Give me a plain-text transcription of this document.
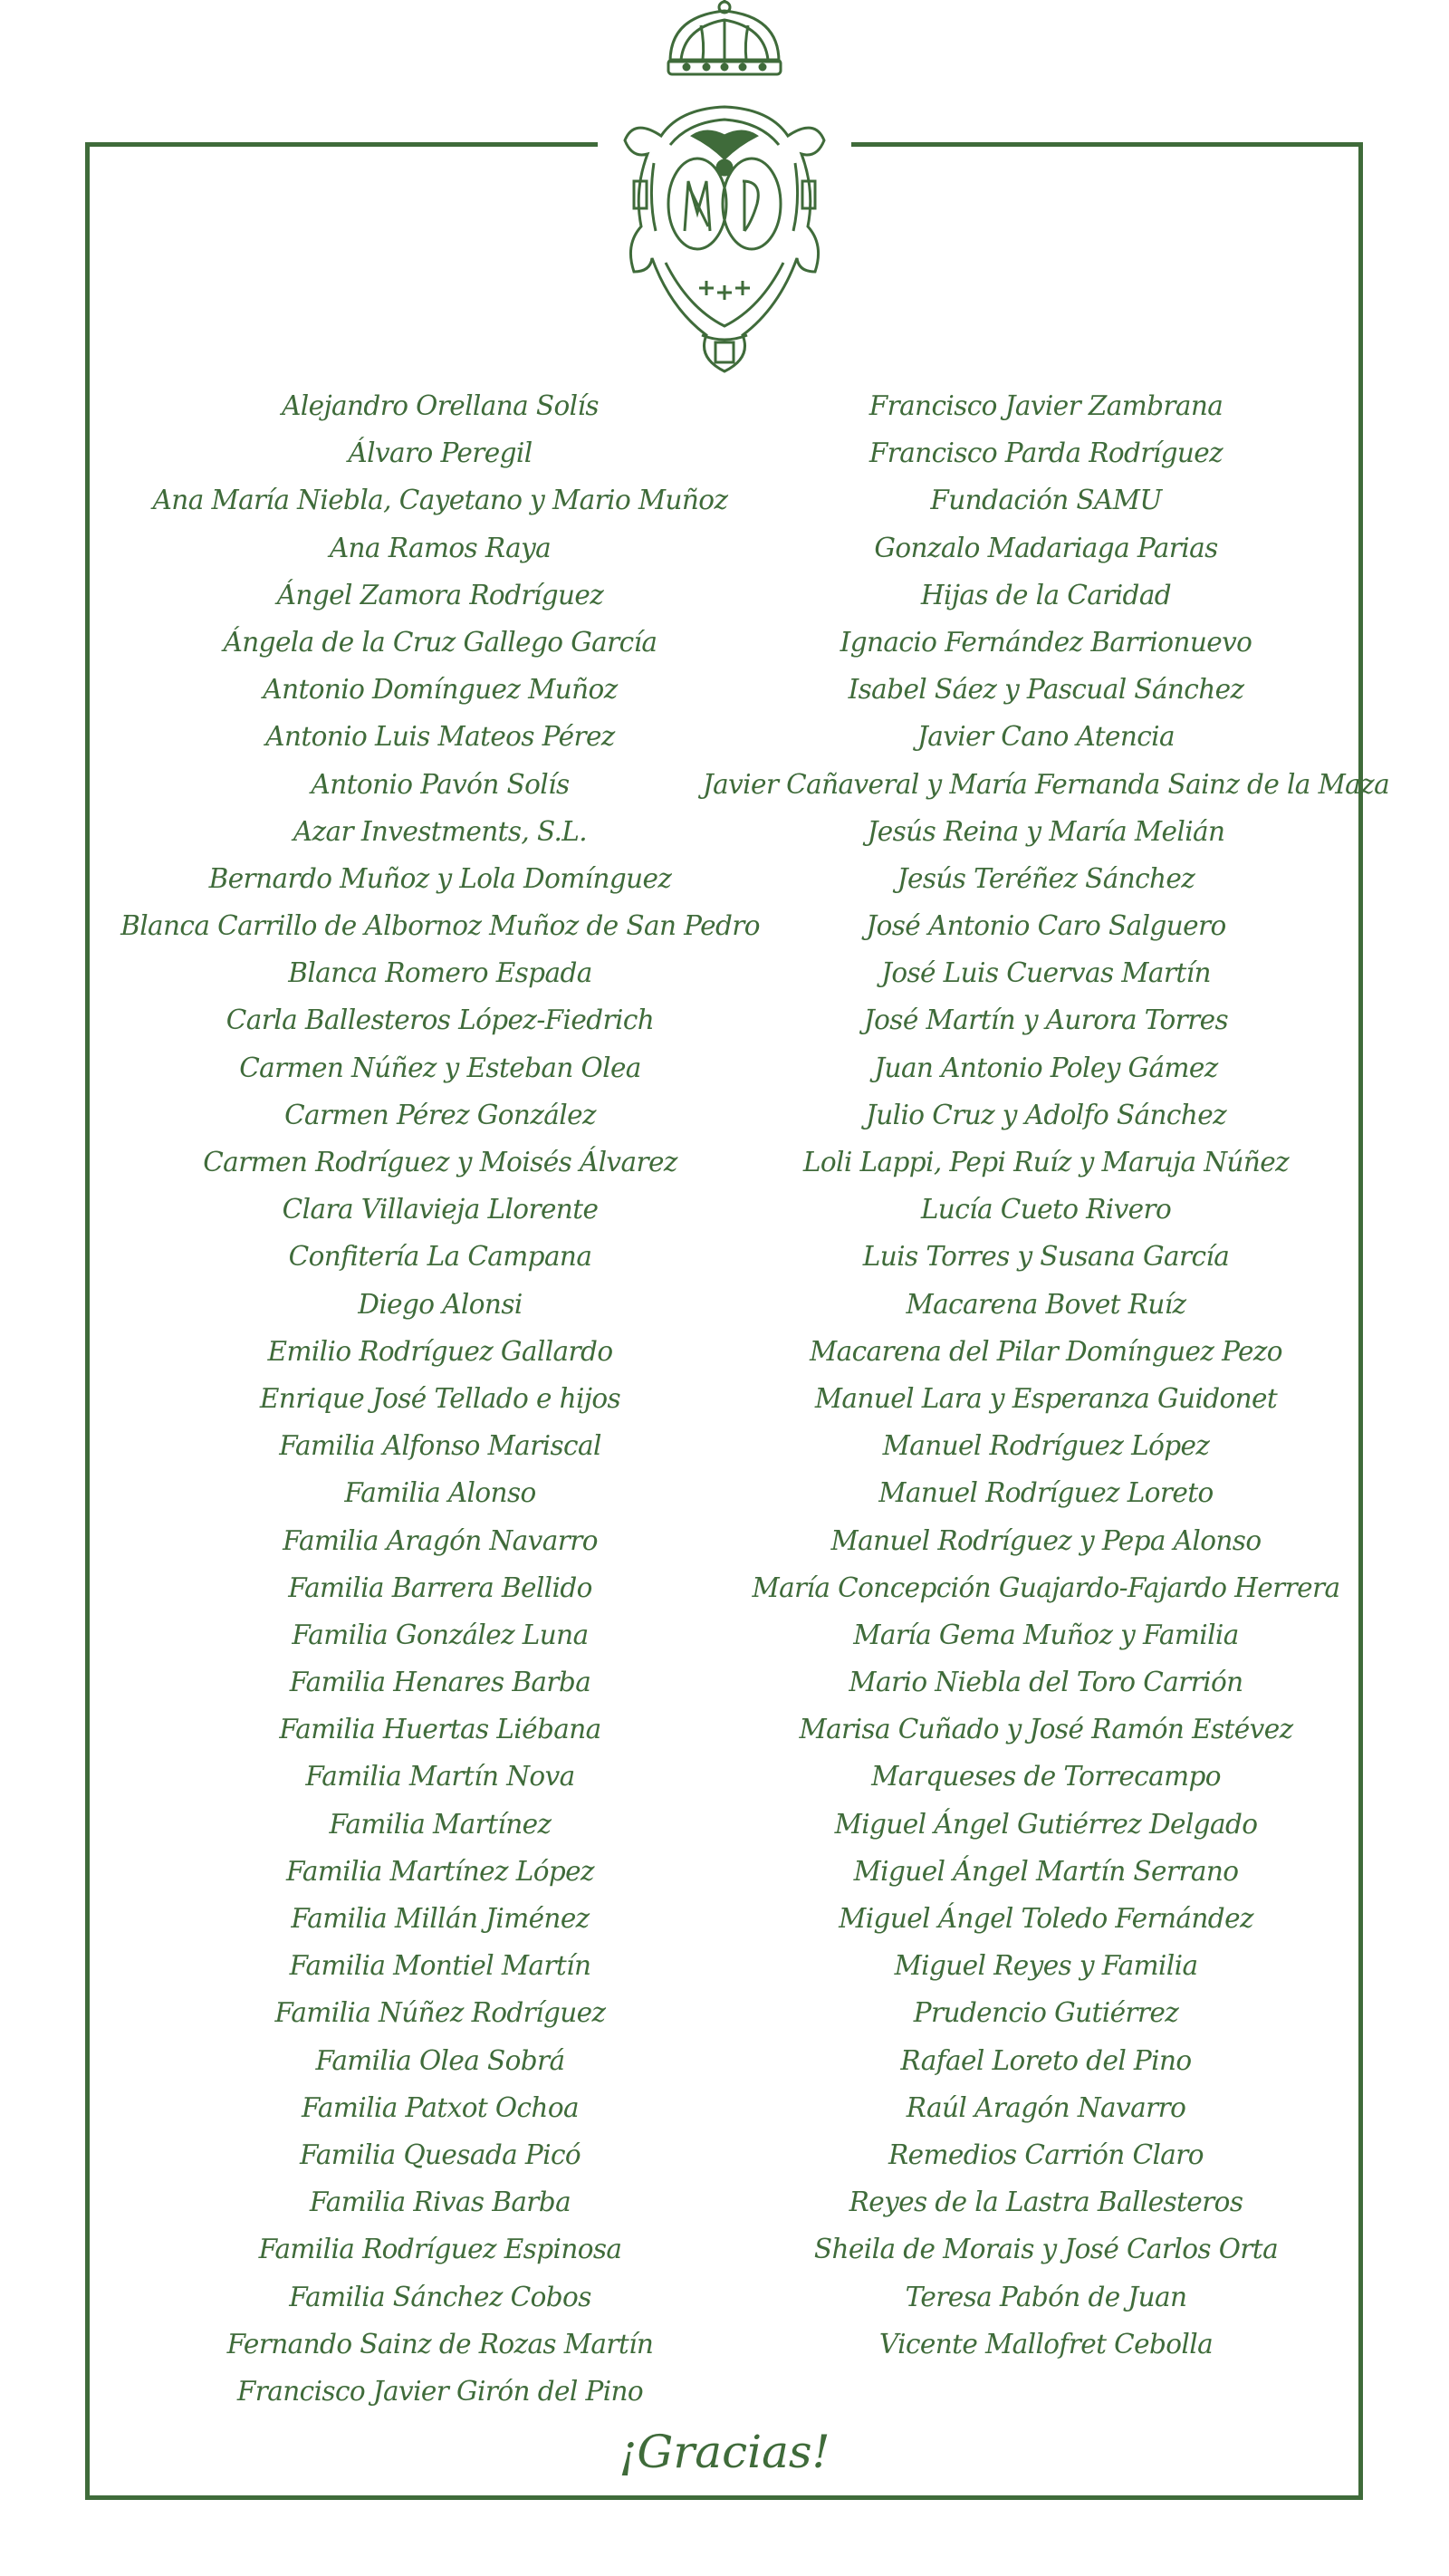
Alejandro Orellana Solís
Álvaro Peregil
Ana María Niebla, Cayetano y Mario Muñoz
Ana Ramos Raya
Ángel Zamora Rodríguez
Ángela de la Cruz Gallego García
Antonio Domínguez Muñoz
Antonio Luis Mateos Pérez
Antonio Pavón Solís
Azar Investments, S.L.
Bernardo Muñoz y Lola Domínguez
Blanca Carrillo de Albornoz Muñoz de San Pedro
Blanca Romero Espada
Carla Ballesteros López-Fiedrich
Carmen Núñez y Esteban Olea
Carmen Pérez González
Carmen Rodríguez y Moisés Álvarez
Clara Villavieja Llorente
Confitería La Campana
Diego Alonsi
Emilio Rodríguez Gallardo
Enrique José Tellado e hijos
Familia Alfonso Mariscal
Familia Alonso
Familia Aragón Navarro
Familia Barrera Bellido
Familia González Luna
Familia Henares Barba
Familia Huertas Liébana
Familia Martín Nova
Familia Martínez
Familia Martínez López
Familia Millán Jiménez
Familia Montiel Martín
Familia Núñez Rodríguez
Familia Olea Sobrá
Familia Patxot Ochoa
Familia Quesada Picó
Familia Rivas Barba
Familia Rodríguez Espinosa
Familia Sánchez Cobos
Fernando Sainz de Rozas Martín
Francisco Javier Girón del Pino
Francisco Javier Zambrana
Francisco Parda Rodríguez
Fundación SAMU
Gonzalo Madariaga Parias
Hijas de la Caridad
Ignacio Fernández Barrionuevo
Isabel Sáez y Pascual Sánchez
Javier Cano Atencia
Javier Cañaveral y María Fernanda Sainz de la Maza
Jesús Reina y María Melián
Jesús Teréñez Sánchez
José Antonio Caro Salguero
José Luis Cuervas Martín
José Martín y Aurora Torres
Juan Antonio Poley Gámez
Julio Cruz y Adolfo Sánchez
Loli Lappi, Pepi Ruíz y Maruja Núñez
Lucía Cueto Rivero
Luis Torres y Susana García
Macarena Bovet Ruíz
Macarena del Pilar Domínguez Pezo
Manuel Lara y Esperanza Guidonet
Manuel Rodríguez López
Manuel Rodríguez Loreto
Manuel Rodríguez y Pepa Alonso
María Concepción Guajardo-Fajardo Herrera
María Gema Muñoz y Familia
Mario Niebla del Toro Carrión
Marisa Cuñado y José Ramón Estévez
Marqueses de Torrecampo
Miguel Ángel Gutiérrez Delgado
Miguel Ángel Martín Serrano
Miguel Ángel Toledo Fernández
Miguel Reyes y Familia
Prudencio Gutiérrez
Rafael Loreto del Pino
Raúl Aragón Navarro
Remedios Carrión Claro
Reyes de la Lastra Ballesteros
Sheila de Morais y José Carlos Orta
Teresa Pabón de Juan
Vicente Mallofret Cebolla
¡Gracias!
